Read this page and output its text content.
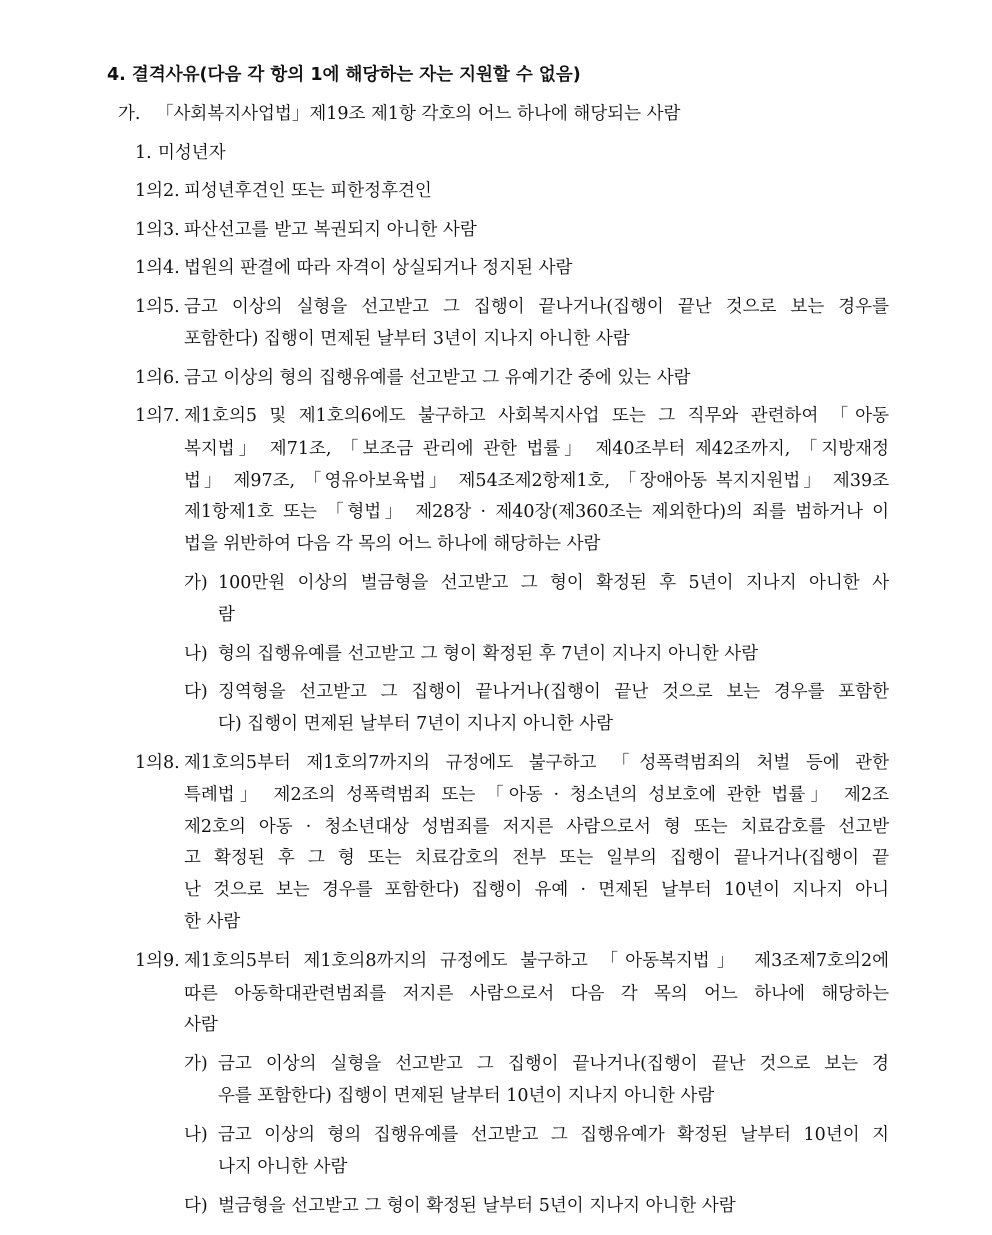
4. 결격사유(다음 각 항의 1에 해당하는 자는 지원할 수 없음)
가. 「사회복지사업법」제19조 제1항 각호의 어느 하나에 해당되는 사람
1. 미성년자
1의2. 피성년후견인 또는 피한정후견인
1의3. 파산선고를 받고 복권되지 아니한 사람
1의4. 법원의 판결에 따라 자격이 상실되거나 정지된 사람
1의5. 금고 이상의 실형을 선고받고 그 집행이 끝나거나(집행이 끝난 것으로 보는 경우를
포함한다) 집행이 면제된 날부터 3년이 지나지 아니한 사람
1의6. 금고 이상의 형의 집행유예를 선고받고 그 유예기간 중에 있는 사람
1의7. 제1호의5 및 제1호의6에도 불구하고 사회복지사업 또는 그 직무와 관련하여 「아동
복지법」 제71조, 「보조금 관리에 관한 법률」 제40조부터 제42조까지, 「지방재정
법」 제97조, 「영유아보육법」 제54조제2항제1호, 「장애아동 복지지원법」 제39조
제1항제1호 또는 「형법」 제28장 · 제40장(제360조는 제외한다)의 죄를 범하거나 이
법을 위반하여 다음 각 목의 어느 하나에 해당하는 사람
가) 100만원 이상의 벌금형을 선고받고 그 형이 확정된 후 5년이 지나지 아니한 사
람
나) 형의 집행유예를 선고받고 그 형이 확정된 후 7년이 지나지 아니한 사람
다) 징역형을 선고받고 그 집행이 끝나거나(집행이 끝난 것으로 보는 경우를 포함한
다) 집행이 면제된 날부터 7년이 지나지 아니한 사람
1의8. 제1호의5부터 제1호의7까지의 규정에도 불구하고 「성폭력범죄의 처벌 등에 관한
특례법」 제2조의 성폭력범죄 또는 「아동 · 청소년의 성보호에 관한 법률」 제2조
제2호의 아동 · 청소년대상 성범죄를 저지른 사람으로서 형 또는 치료감호를 선고받
고 확정된 후 그 형 또는 치료감호의 전부 또는 일부의 집행이 끝나거나(집행이 끝
난 것으로 보는 경우를 포함한다) 집행이 유예 · 면제된 날부터 10년이 지나지 아니
한 사람
1의9. 제1호의5부터 제1호의8까지의 규정에도 불구하고 「아동복지법」 제3조제7호의2에
따른 아동학대관련범죄를 저지른 사람으로서 다음 각 목의 어느 하나에 해당하는
사람
가) 금고 이상의 실형을 선고받고 그 집행이 끝나거나(집행이 끝난 것으로 보는 경
우를 포함한다) 집행이 면제된 날부터 10년이 지나지 아니한 사람
나) 금고 이상의 형의 집행유예를 선고받고 그 집행유예가 확정된 날부터 10년이 지
나지 아니한 사람
다) 벌금형을 선고받고 그 형이 확정된 날부터 5년이 지나지 아니한 사람
